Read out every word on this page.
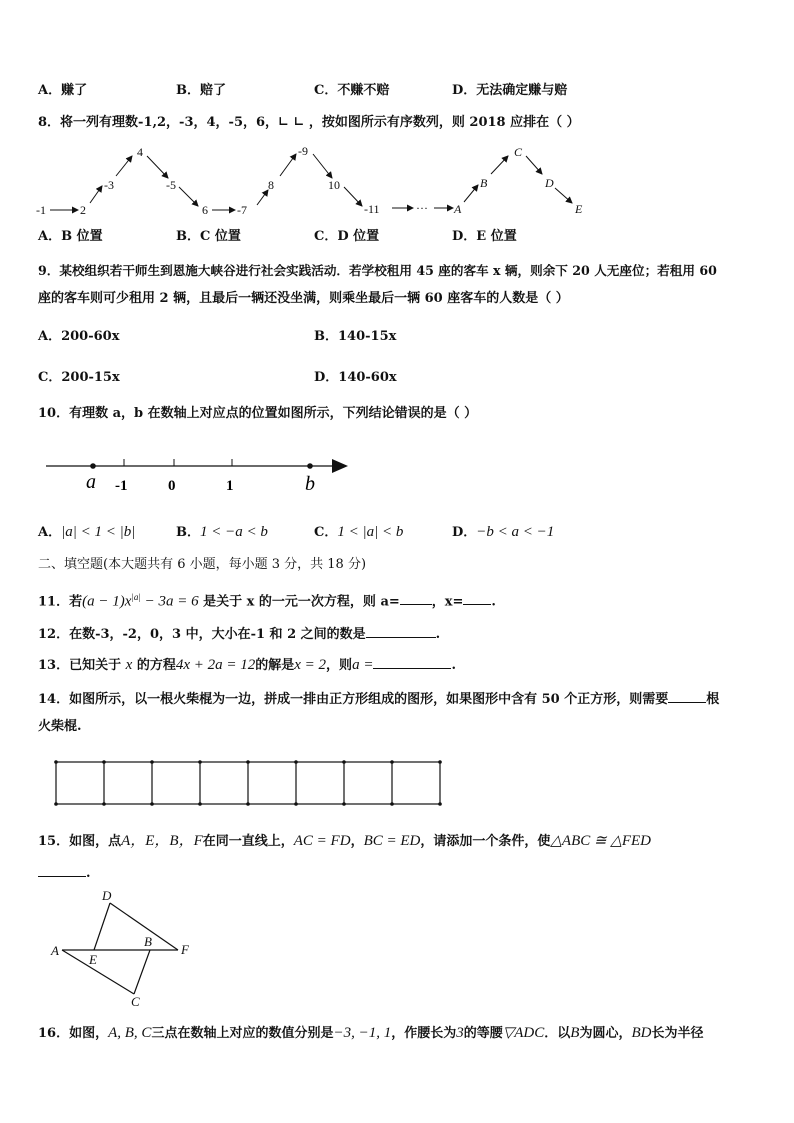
A．赚了	B．赔了	C．不赚不赔	D．无法确定赚与赔
8．将一列有理数-1,2，-3，4，-5，6，∟ ∟ ，按如图所示有序数列，则 2018 应排在（ ）
-1	2
-3
4
-5
6 -7
8
-9
10
-11	··· A
B
C
D
E
A．B 位置	B．C 位置	C．D 位置	D．E 位置
9．某校组织若干师生到恩施大峡谷进行社会实践活动．若学校租用 45 座的客车 x 辆，则余下 20 人无座位；若租用 60
座的客车则可少租用 2 辆，且最后一辆还没坐满，则乘坐最后一辆 60 座客车的人数是（ ）
A．200-60x	B．140-15x
C．200-15x	D．140-60x
10．有理数 a，b 在数轴上对应点的位置如图所示，下列结论错误的是（ ）
a -1	0	1	b
A．|a| < 1 < |b|	B．1 < −a < b	C．1 < |a| < b	D．−b < a < −1
二、填空题(本大题共有 6 小题，每小题 3 分，共 18 分)
11．若$(a - 1)x^{|a|} - 3a = 6$ 是关于 x 的一元一次方程，则 a= ，x= .
12．在数-3，-2，0，3 中，大小在-1 和 2 之间的数是	.
13．已知关于 x 的方程4x + 2a = 12的解是x = 2，则a =	.
14．如图所示，以一根火柴棍为一边，拼成一排由正方形组成的图形，如果图形中含有 50 个正方形，则需要	根
火柴棍.
15．如图，点A，E，B，F在同一直线上，AC = FD，BC = ED，请添加一个条件，使△ABC ≅ △FED
.
D
A
E
B
F
C
16．如图，A, B, C三点在数轴上对应的数值分别是−3, −1, 1，作腰长为3的等腰▽ADC．以B为圆心，BD长为半径
